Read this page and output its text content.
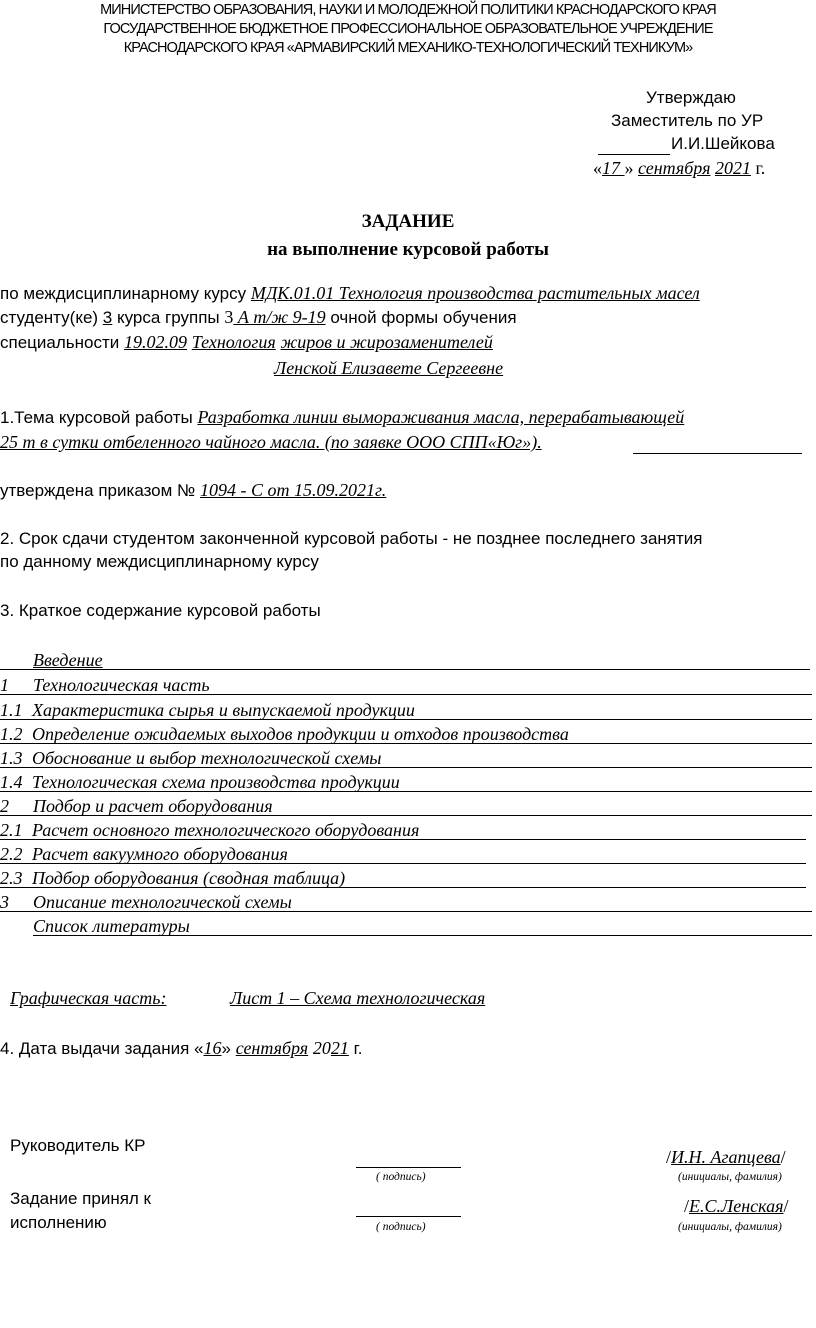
МИНИСТЕРСТВО ОБРАЗОВАНИЯ, НАУКИ И МОЛОДЕЖНОЙ ПОЛИТИКИ КРАСНОДАРСКОГО КРАЯ
ГОСУДАРСТВЕННОЕ БЮДЖЕТНОЕ ПРОФЕССИОНАЛЬНОЕ ОБРАЗОВАТЕЛЬНОЕ УЧРЕЖДЕНИЕ
КРАСНОДАРСКОГО КРАЯ «АРМАВИРСКИЙ МЕХАНИКО-ТЕХНОЛОГИЧЕСКИЙ ТЕХНИКУМ»
Утверждаю
Заместитель по УР
И.И.Шейкова
«17 » сентября 2021 г.
ЗАДАНИЕ
на выполнение курсовой работы
по междисциплинарному курсу МДК.01.01 Технология производства растительных масел
студенту(ке) 3 курса группы 3 А т/ж 9-19 очной формы обучения
специальности 19.02.09 Технология жиров и жирозаменителей
Ленской Елизавете Сергеевне
1.Тема курсовой работы Разработка линии вымораживания масла, перерабатывающей
25 т в сутки отбеленного чайного масла. (по заявке ООО СПП«Юг»).
утверждена приказом № 1094 - С от 15.09.2021г.
2. Срок сдачи студентом законченной курсовой работы - не позднее последнего занятия
по данному междисциплинарному курсу
3. Краткое содержание курсовой работы
Введение
1 Технологическая часть
1.1 Характеристика сырья и выпускаемой продукции
1.2 Определение ожидаемых выходов продукции и отходов производства
1.3 Обоснование и выбор технологической схемы
1.4 Технологическая схема производства продукции
2 Подбор и расчет оборудования
2.1 Расчет основного технологического оборудования
2.2 Расчет вакуумного оборудования
2.3 Подбор оборудования (сводная таблица)
3 Описание технологической схемы
Список литературы
Графическая часть:	Лист 1 – Схема технологическая
4. Дата выдачи задания «16» сентября 2021 г.
Руководитель КР
( подпись)
/И.Н. Агапцева/
(инициалы, фамилия)
Задание принял к
исполнению	( подпись)
/Е.С.Ленская/
(инициалы, фамилия)
